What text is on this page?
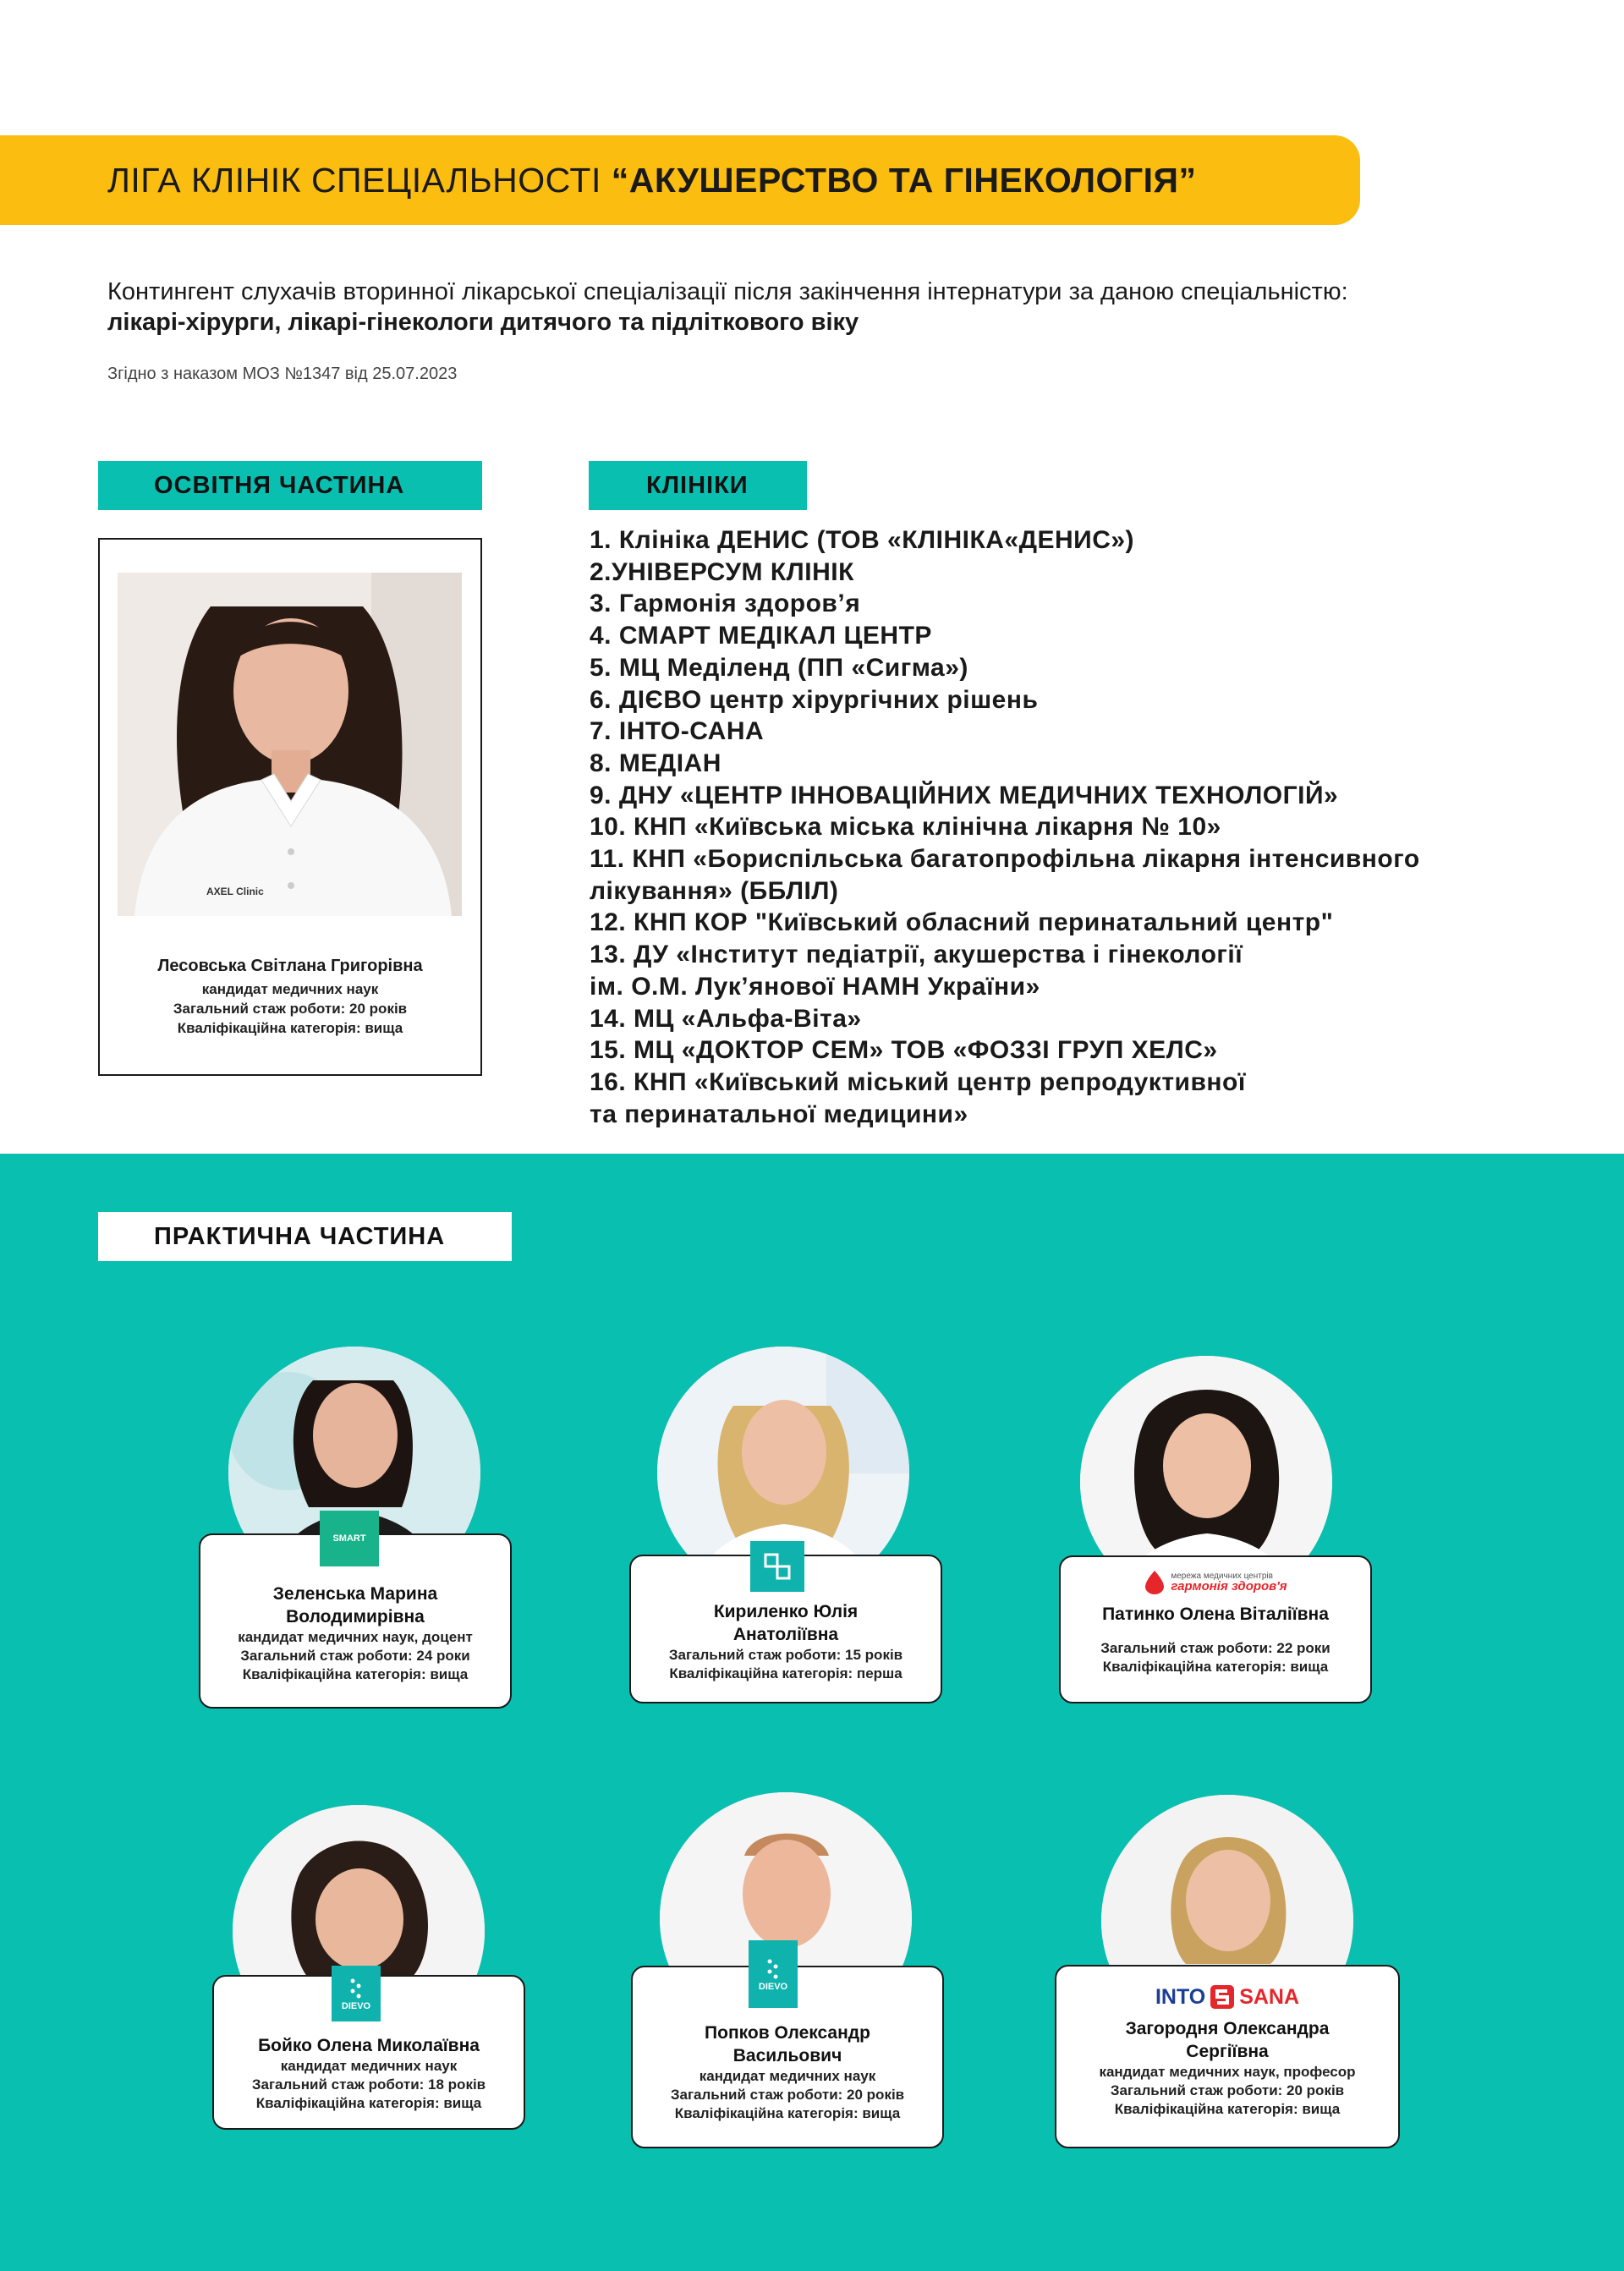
ЛІГА КЛІНІК СПЕЦІАЛЬНОСТІ “АКУШЕРСТВО ТА ГІНЕКОЛОГІЯ”
Контингент слухачів вторинної лікарської спеціалізації після закінчення інтернатури за даною спеціальністю: лікарі-хірурги, лікарі-гінекологи дитячого та підліткового віку
Згідно з наказом МОЗ №1347 від 25.07.2023
ОСВІТНЯ ЧАСТИНА
AXEL Clinic
Лесовська Світлана Григорівна
кандидат медичних наук
Загальний стаж роботи: 20 років
Кваліфікаційна категорія: вища
КЛІНІКИ
1. Клініка ДЕНИС (ТОВ «КЛІНІКА«ДЕНИС»)
2.УНІВЕРСУМ КЛІНІК
3. Гармонія здоров’я
4. СМАРТ МЕДІКАЛ ЦЕНТР
5. МЦ Меділенд (ПП «Сигма»)
6. ДІЄВО центр хірургічних рішень
7. ІНТО-САНА
8. МЕДІАН
9. ДНУ «ЦЕНТР ІННОВАЦІЙНИХ МЕДИЧНИХ ТЕХНОЛОГІЙ»
10. КНП «Київська міська клінічна лікарня № 10»
11. КНП «Бориспільська багатопрофільна лікарня інтенсивного
лікування» (ББЛІЛ)
12. КНП КОР "Київський обласний перинатальний центр"
13. ДУ «Інститут педіатрії, акушерства і гінекології
ім. О.М. Лук’янової НАМН України»
14. МЦ «Альфа-Віта»
15. МЦ «ДОКТОР СЕМ» ТОВ «ФОЗЗІ ГРУП ХЕЛС»
16. КНП «Київський міський центр репродуктивної
та перинатальної медицини»
ПРАКТИЧНА ЧАСТИНА
Зеленська Марина
Володимирівна
кандидат медичних наук, доцент
Загальний стаж роботи: 24 роки
Кваліфікаційна категорія: вища
SMART
Кириленко Юлія
Анатоліївна
Загальний стаж роботи: 15 років
Кваліфікаційна категорія: перша
мережа медичних центрів
гармонія здоров'я
Патинко Олена Віталіївна
Загальний стаж роботи: 22 роки
Кваліфікаційна категорія: вища
Бойко Олена Миколаївна
кандидат медичних наук
Загальний стаж роботи: 18 років
Кваліфікаційна категорія: вища
DIEVO
Попков Олександр
Васильович
кандидат медичних наук
Загальний стаж роботи: 20 років
Кваліфікаційна категорія: вища
DIEVO	INTO SANA
Загородня Олександра
Сергіївна
кандидат медичних наук, професор
Загальний стаж роботи: 20 років
Кваліфікаційна категорія: вища
